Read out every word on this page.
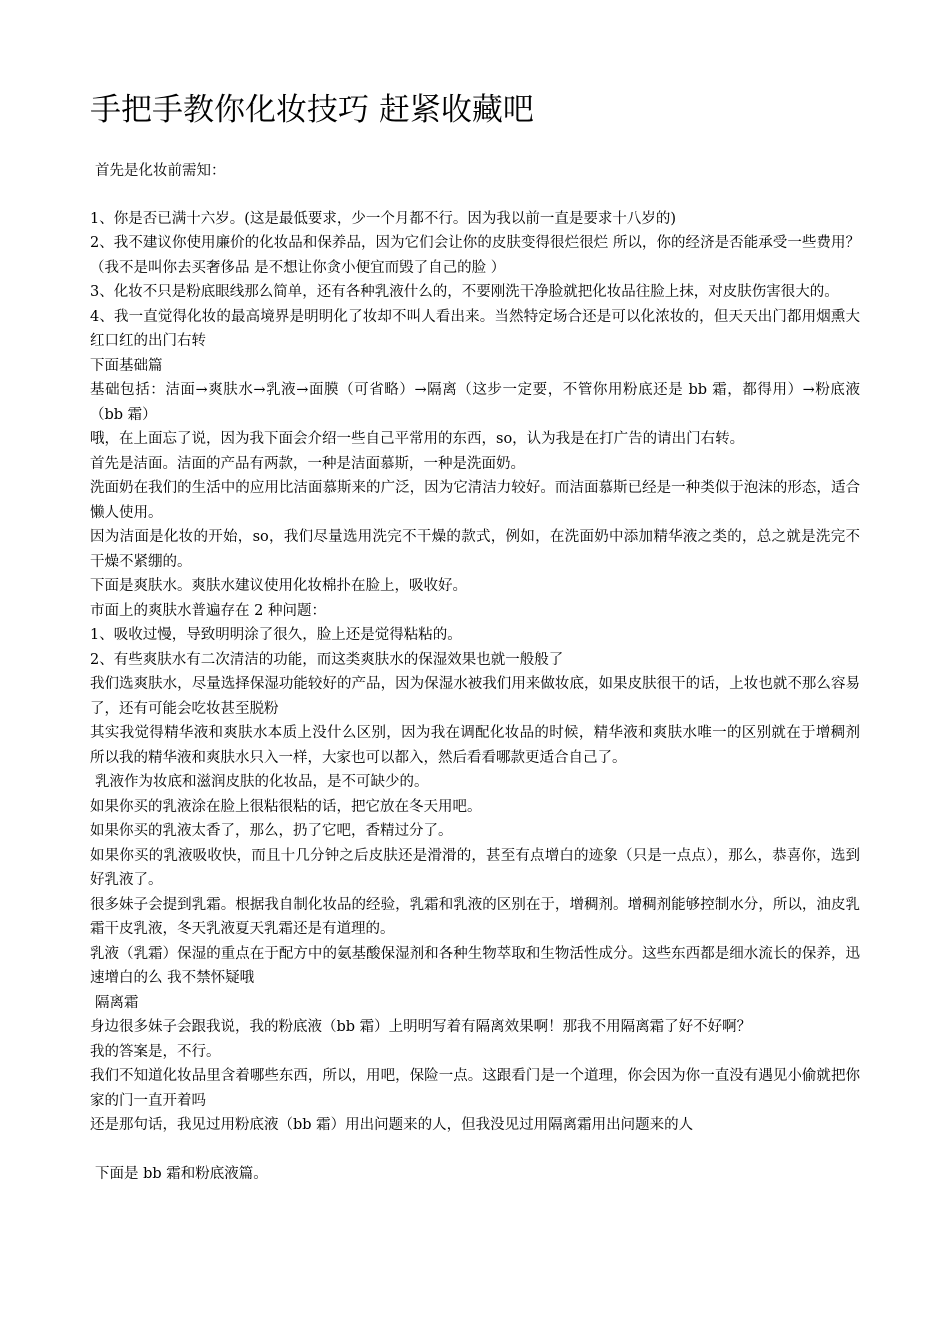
手把手教你化妆技巧 赶紧收藏吧

首先是化妆前需知：

1、你是否已满十六岁。(这是最低要求，少一个月都不行。因为我以前一直是要求十八岁的)

2、我不建议你使用廉价的化妆品和保养品，因为它们会让你的皮肤变得很烂很烂 所以，你的经济是否能承受一些费用？（我不是叫你去买奢侈品 是不想让你贪小便宜而毁了自己的脸 ）

3、化妆不只是粉底眼线那么简单，还有各种乳液什么的，不要刚洗干净脸就把化妆品往脸上抹，对皮肤伤害很大的。

4、我一直觉得化妆的最高境界是明明化了妆却不叫人看出来。当然特定场合还是可以化浓妆的，但天天出门都用烟熏大红口红的出门右转

下面基础篇

基础包括：洁面→爽肤水→乳液→面膜（可省略）→隔离（这步一定要，不管你用粉底还是 bb 霜，都得用）→粉底液（bb 霜）

哦，在上面忘了说，因为我下面会介绍一些自己平常用的东西，so，认为我是在打广告的请出门右转。

首先是洁面。洁面的产品有两款，一种是洁面慕斯，一种是洗面奶。

洗面奶在我们的生活中的应用比洁面慕斯来的广泛，因为它清洁力较好。而洁面慕斯已经是一种类似于泡沫的形态，适合懒人使用。

因为洁面是化妆的开始，so，我们尽量选用洗完不干燥的款式，例如，在洗面奶中添加精华液之类的，总之就是洗完不干燥不紧绷的。

下面是爽肤水。爽肤水建议使用化妆棉扑在脸上，吸收好。

市面上的爽肤水普遍存在 2 种问题：

1、吸收过慢，导致明明涂了很久，脸上还是觉得粘粘的。

2、有些爽肤水有二次清洁的功能，而这类爽肤水的保湿效果也就一般般了

我们选爽肤水，尽量选择保湿功能较好的产品，因为保湿水被我们用来做妆底，如果皮肤很干的话，上妆也就不那么容易了，还有可能会吃妆甚至脱粉

其实我觉得精华液和爽肤水本质上没什么区别，因为我在调配化妆品的时候，精华液和爽肤水唯一的区别就在于增稠剂 所以我的精华液和爽肤水只入一样，大家也可以都入，然后看看哪款更适合自己了。

乳液作为妆底和滋润皮肤的化妆品，是不可缺少的。

如果你买的乳液涂在脸上很粘很粘的话，把它放在冬天用吧。

如果你买的乳液太香了，那么，扔了它吧，香精过分了。

如果你买的乳液吸收快，而且十几分钟之后皮肤还是滑滑的，甚至有点增白的迹象（只是一点点），那么，恭喜你，选到好乳液了。

很多妹子会提到乳霜。根据我自制化妆品的经验，乳霜和乳液的区别在于，增稠剂。增稠剂能够控制水分，所以，油皮乳霜干皮乳液，冬天乳液夏天乳霜还是有道理的。

乳液（乳霜）保湿的重点在于配方中的氨基酸保湿剂和各种生物萃取和生物活性成分。这些东西都是细水流长的保养，迅速增白的么 我不禁怀疑哦

隔离霜

身边很多妹子会跟我说，我的粉底液（bb 霜）上明明写着有隔离效果啊！那我不用隔离霜了好不好啊？

我的答案是，不行。

我们不知道化妆品里含着哪些东西，所以，用吧，保险一点。这跟看门是一个道理，你会因为你一直没有遇见小偷就把你家的门一直开着吗

还是那句话，我见过用粉底液（bb 霜）用出问题来的人，但我没见过用隔离霜用出问题来的人

下面是 bb 霜和粉底液篇。
